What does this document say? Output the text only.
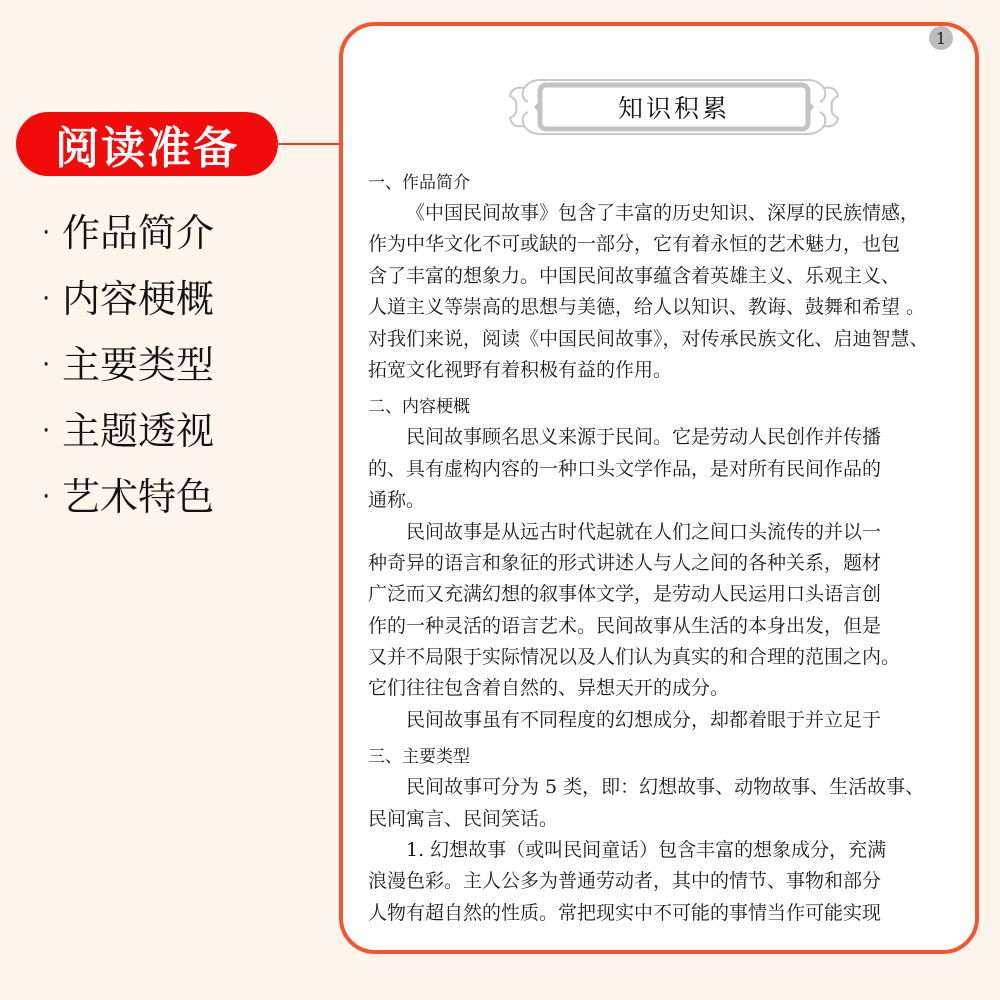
阅读准备
· 作品简介
· 内容梗概
· 主要类型
· 主题透视
· 艺术特色
1
知识积累
一、作品简介

《中国民间故事》包含了丰富的历史知识、深厚的民族情感，
作为中华文化不可或缺的一部分，它有着永恒的艺术魅力，也包
含了丰富的想象力。中国民间故事蕴含着英雄主义、乐观主义、
人道主义等崇高的思想与美德，给人以知识、教诲、鼓舞和希望 。
对我们来说，阅读《中国民间故事》，对传承民族文化、启迪智慧、
拓宽文化视野有着积极有益的作用。

二、内容梗概

民间故事顾名思义来源于民间。它是劳动人民创作并传播
的、具有虚构内容的一种口头文学作品，是对所有民间作品的
通称。

民间故事是从远古时代起就在人们之间口头流传的并以一
种奇异的语言和象征的形式讲述人与人之间的各种关系，题材
广泛而又充满幻想的叙事体文学，是劳动人民运用口头语言创
作的一种灵活的语言艺术。民间故事从生活的本身出发，但是
又并不局限于实际情况以及人们认为真实的和合理的范围之内。
它们往往包含着自然的、异想天开的成分。

民间故事虽有不同程度的幻想成分，却都着眼于并立足于

三、主要类型

民间故事可分为 5 类，即：幻想故事、动物故事、生活故事、
民间寓言、民间笑话。

1. 幻想故事（或叫民间童话）包含丰富的想象成分，充满
浪漫色彩。主人公多为普通劳动者，其中的情节、事物和部分
人物有超自然的性质。常把现实中不可能的事情当作可能实现
